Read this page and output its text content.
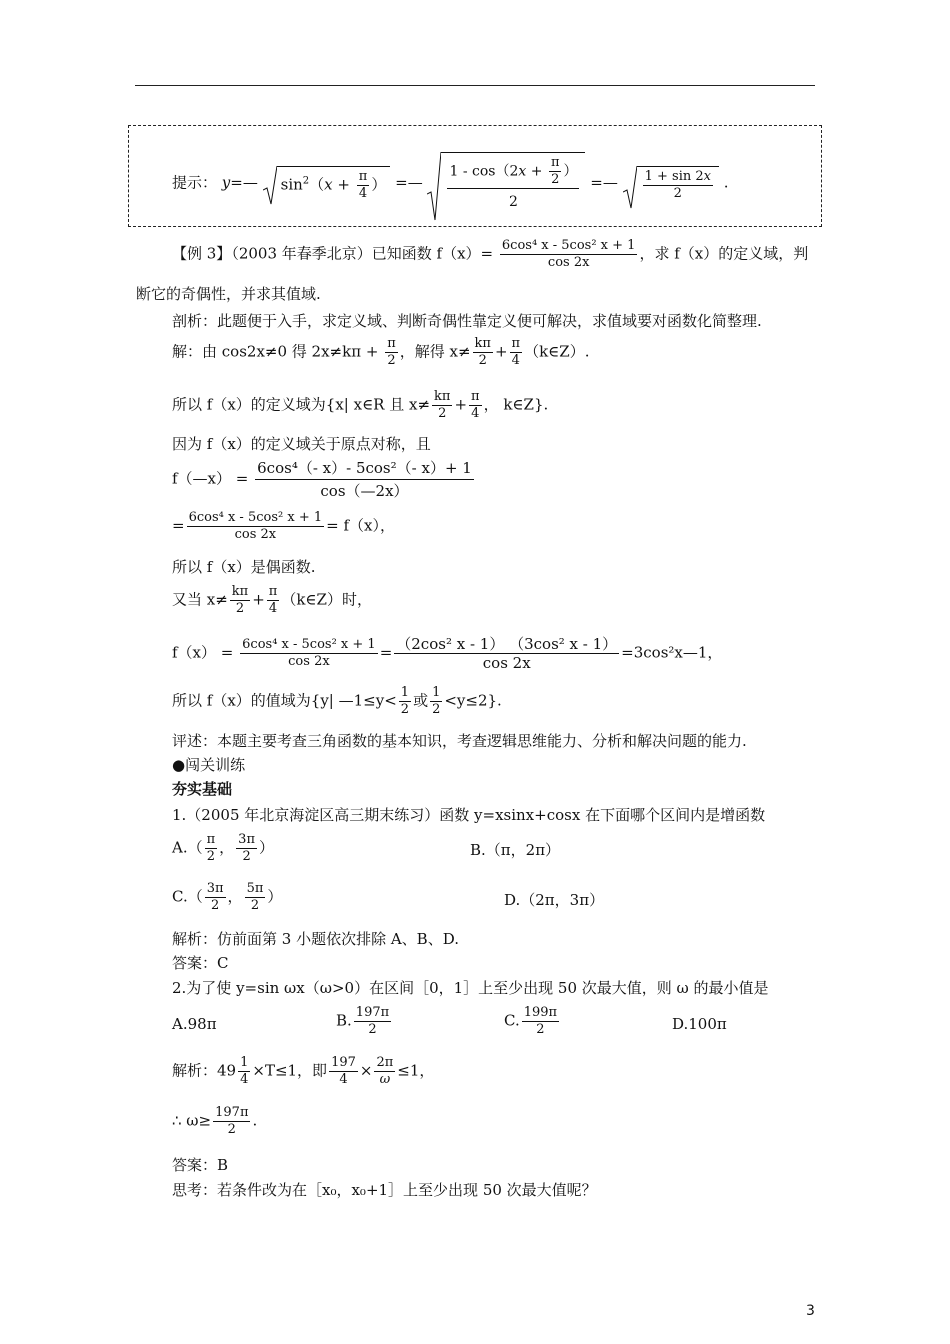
提示： y=— $\sin^2(x + \frac{\pi}{4}$ ） =— $\frac{1 - \cos(2x + \frac{\pi}{2} )}{2}$ =— $\frac{1 + \sin 2x}{2}$ .
【例 3】（2003 年春季北京）已知函数 $f(x)= \frac{\text{6cos⁴ x - 5cos² x + 1}}{\cos 2x}$ ，求 f（x）的定义域，判
断它的奇偶性，并求其值域.
剖析：此题便于入手，求定义域、判断奇偶性靠定义便可解决，求值域要对函数化简整理.
解：由 cos2x≠0 得 $2x\ne k\pi + \frac{\pi}{2}$ ，解得 $x\ne \frac{k\pi}{2} + \frac{\pi}{4}$ （k∈Z）.
所以 f（x）的定义域为{x| x∈R 且 $x\ne \frac{k\pi}{2} + \frac{\pi}{4}$ ， k∈Z}.
因为 f（x）的定义域关于原点对称，且
f（—x） = $\frac{\text{6cos⁴（- x）- 5cos²（- x）+ 1}}{\cos(—2x)}$
= $\frac{\text{6cos⁴ x - 5cos² x + 1}}{\cos 2x} = f(x)$，
所以 f（x）是偶函数.
又当 $x\ne \frac{k\pi}{2} + \frac{\pi}{4}$ （k∈Z）时，
$f(x) = \frac{\text{6cos⁴ x - 5cos² x + 1}}{\cos 2x} = \frac{\text{（2cos² x - 1） （3cos² x - 1）}}{\cos 2x}$ =3cos²x—1，
所以 f（x）的值域为{y| —1≤y< $\frac{1}{2}$ 或 $\frac{1}{2} <y\le 2$}.
评述：本题主要考查三角函数的基本知识，考查逻辑思维能力、分析和解决问题的能力.
●闯关训练
夯实基础
1.（2005 年北京海淀区高三期末练习）函数 y=xsinx+cosx 在下面哪个区间内是增函数
$A.( \frac{\pi}{2}$ ， $\frac{3\pi}{2}$ ）	B.（π，2π）
$C.( \frac{3\pi}{2}$ ， $\frac{5\pi}{2}$ ）	D.（2π，3π）
解析：仿前面第 3 小题依次排除 A、B、D.
答案：C
2.为了使 y=sin ωx（ω>0）在区间［0，1］上至少出现 50 次最大值，则 ω 的最小值是
A.98π	B. $\frac{197\pi}{2}$	C. $\frac{199\pi}{2}$	D.100π
解析：$49 \frac{1}{4} \times T\le 1$，即 $\frac{197}{4} \times \frac{2\pi}{\omega} \le 1$，
∴ $\omega\ge \frac{197\pi}{2}$ .
答案：B
思考：若条件改为在［x₀，x₀+1］上至少出现 50 次最大值呢？
3
